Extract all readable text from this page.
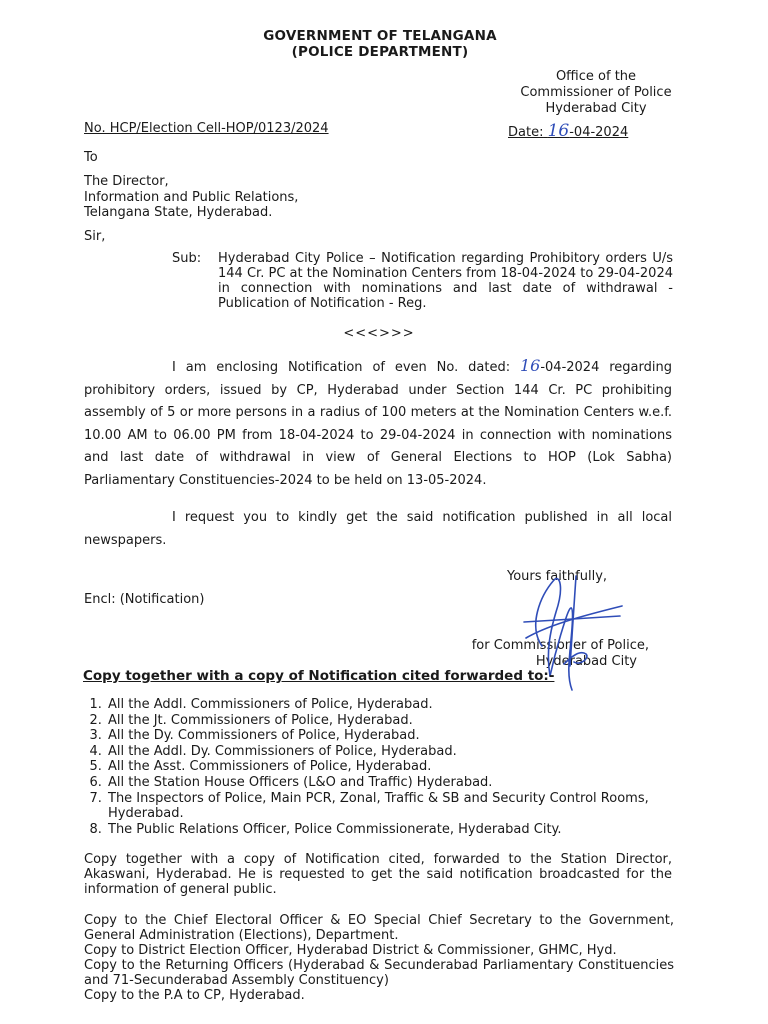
GOVERNMENT OF TELANGANA
(POLICE DEPARTMENT)
Office of the
Commissioner of Police
Hyderabad City
No. HCP/Election Cell-HOP/0123/2024	Date: 16-04-2024
To
The Director,
Information and Public Relations,
Telangana State, Hyderabad.
Sir,
Sub: Hyderabad City Police – Notification regarding Prohibitory orders U/s 144 Cr. PC at the Nomination Centers from 18-04-2024 to 29-04-2024 in connection with nominations and last date of withdrawal - Publication of Notification - Reg.
<<<>>>
I am enclosing Notification of even No. dated: 16-04-2024 regarding prohibitory orders, issued by CP, Hyderabad under Section 144 Cr. PC prohibiting assembly of 5 or more persons in a radius of 100 meters at the Nomination Centers w.e.f. 10.00 AM to 06.00 PM from 18-04-2024 to 29-04-2024 in connection with nominations and last date of withdrawal in view of General Elections to HOP (Lok Sabha) Parliamentary Constituencies-2024 to be held on 13-05-2024.
I request you to kindly get the said notification published in all local newspapers.
Yours faithfully,
Encl: (Notification)
for Commissioner of Police,
Hyderabad City
Copy together with a copy of Notification cited forwarded to:-
1. All the Addl. Commissioners of Police, Hyderabad.
2. All the Jt. Commissioners of Police, Hyderabad.
3. All the Dy. Commissioners of Police, Hyderabad.
4. All the Addl. Dy. Commissioners of Police, Hyderabad.
5. All the Asst. Commissioners of Police, Hyderabad.
6. All the Station House Officers (L&O and Traffic) Hyderabad.
7. The Inspectors of Police, Main PCR, Zonal, Traffic & SB and Security Control Rooms, Hyderabad.
8. The Public Relations Officer, Police Commissionerate, Hyderabad City.
Copy together with a copy of Notification cited, forwarded to the Station Director, Akaswani, Hyderabad. He is requested to get the said notification broadcasted for the information of general public.
Copy to the Chief Electoral Officer & EO Special Chief Secretary to the Government, General Administration (Elections), Department.
Copy to District Election Officer, Hyderabad District & Commissioner, GHMC, Hyd.
Copy to the Returning Officers (Hyderabad & Secunderabad Parliamentary Constituencies and 71-Secunderabad Assembly Constituency)
Copy to the P.A to CP, Hyderabad.
